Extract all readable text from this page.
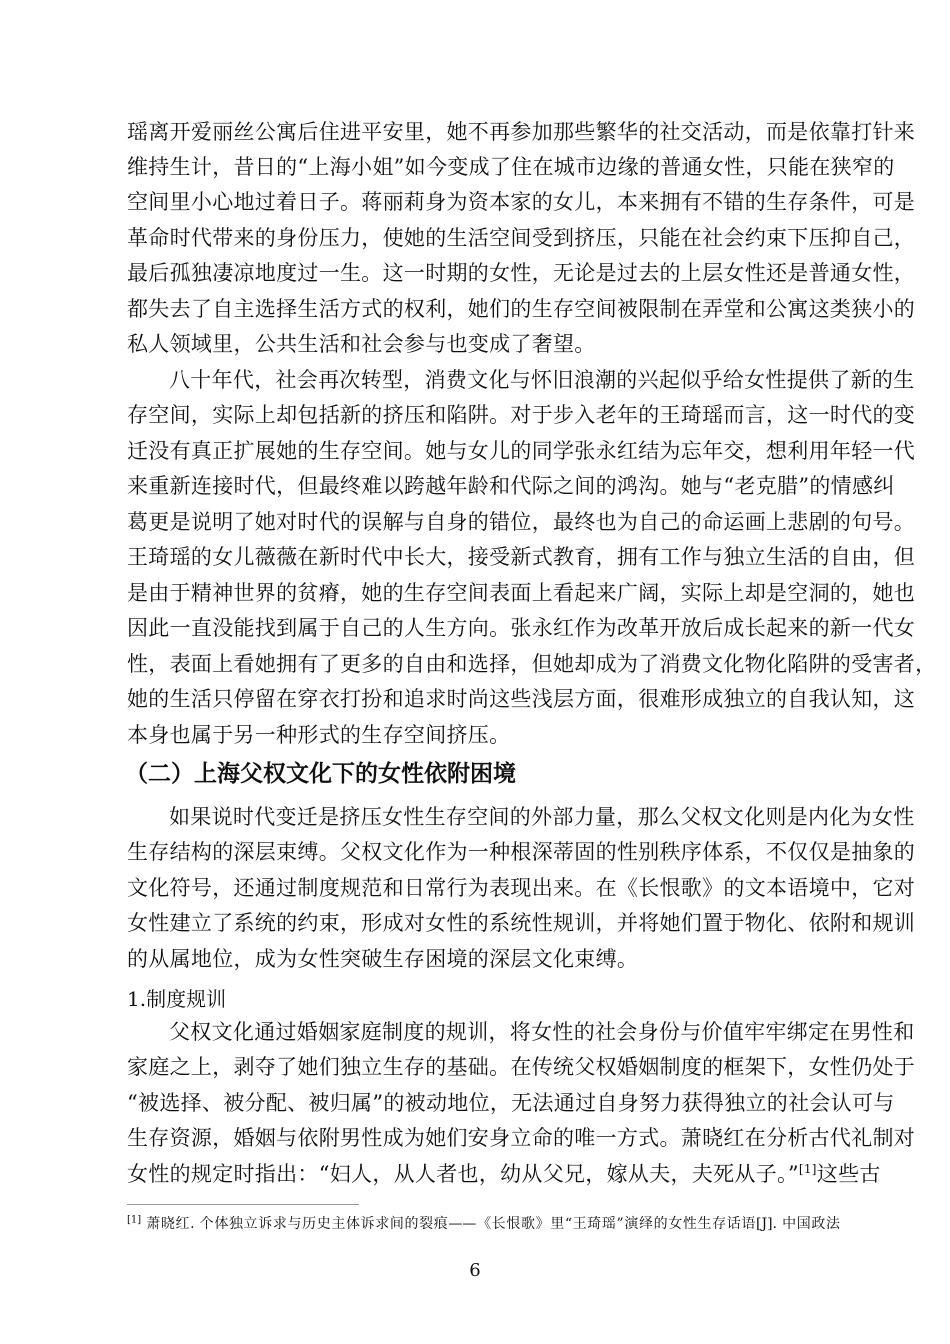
瑶离开爱丽丝公寓后住进平安里，她不再参加那些繁华的社交活动，而是依靠打针来
维持生计，昔日的“上海小姐”如今变成了住在城市边缘的普通女性，只能在狭窄的
空间里小心地过着日子。蒋丽莉身为资本家的女儿，本来拥有不错的生存条件，可是
革命时代带来的身份压力，使她的生活空间受到挤压，只能在社会约束下压抑自己，
最后孤独凄凉地度过一生。这一时期的女性，无论是过去的上层女性还是普通女性，
都失去了自主选择生活方式的权利，她们的生存空间被限制在弄堂和公寓这类狭小的
私人领域里，公共生活和社会参与也变成了奢望。
八十年代，社会再次转型，消费文化与怀旧浪潮的兴起似乎给女性提供了新的生
存空间，实际上却包括新的挤压和陷阱。对于步入老年的王琦瑶而言，这一时代的变
迁没有真正扩展她的生存空间。她与女儿的同学张永红结为忘年交，想利用年轻一代
来重新连接时代，但最终难以跨越年龄和代际之间的鸿沟。她与“老克腊”的情感纠
葛更是说明了她对时代的误解与自身的错位，最终也为自己的命运画上悲剧的句号。
王琦瑶的女儿薇薇在新时代中长大，接受新式教育，拥有工作与独立生活的自由，但
是由于精神世界的贫瘠，她的生存空间表面上看起来广阔，实际上却是空洞的，她也
因此一直没能找到属于自己的人生方向。张永红作为改革开放后成长起来的新一代女
性，表面上看她拥有了更多的自由和选择，但她却成为了消费文化物化陷阱的受害者，
她的生活只停留在穿衣打扮和追求时尚这些浅层方面，很难形成独立的自我认知，这
本身也属于另一种形式的生存空间挤压。
（二）上海父权文化下的女性依附困境
如果说时代变迁是挤压女性生存空间的外部力量，那么父权文化则是内化为女性
生存结构的深层束缚。父权文化作为一种根深蒂固的性别秩序体系，不仅仅是抽象的
文化符号，还通过制度规范和日常行为表现出来。在《长恨歌》的文本语境中，它对
女性建立了系统的约束，形成对女性的系统性规训，并将她们置于物化、依附和规训
的从属地位，成为女性突破生存困境的深层文化束缚。
1.制度规训
父权文化通过婚姻家庭制度的规训，将女性的社会身份与价值牢牢绑定在男性和
家庭之上，剥夺了她们独立生存的基础。在传统父权婚姻制度的框架下，女性仍处于
“被选择、被分配、被归属”的被动地位，无法通过自身努力获得独立的社会认可与
生存资源，婚姻与依附男性成为她们安身立命的唯一方式。萧晓红在分析古代礼制对
女性的规定时指出：“妇人，从人者也，幼从父兄，嫁从夫，夫死从子。”[1]这些古
[1] 萧晓红. 个体独立诉求与历史主体诉求间的裂痕——《长恨歌》里“王琦瑶”演绎的女性生存话语[J]. 中国政法
6
